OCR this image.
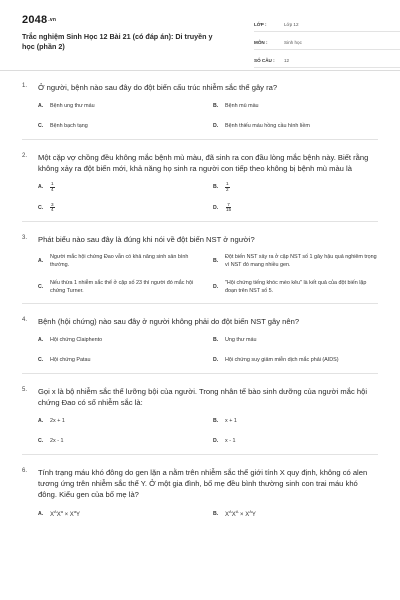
2048.vn
Trắc nghiệm Sinh Học 12 Bài 21 (có đáp án): Di truyền y học (phần 2)
LỚP :	Lớp 12
MÔN :	Sinh học
SỐ CÂU :	12
1.	Ở người, bệnh nào sau đây do đột biến cấu trúc nhiễm sắc thể gây ra?
A.	Bệnh ung thư máu	B.	Bệnh mù màu
C.	Bệnh bạch tạng	D.	Bệnh thiếu máu hồng cầu hình liềm
2.	Một cặp vợ chồng đều không mắc bệnh mù màu, đã sinh ra con đầu lòng mắc bệnh này. Biết rằng không xảy ra đột biến mới, khả năng họ sinh ra người con tiếp theo không bị bệnh mù màu là
A.	$\frac{1}{4}$	B.	$\frac{1}{2}$
C.	$\frac{3}{4}$	D.	$\frac{7}{15}$
3.	Phát biểu nào sau đây là đúng khi nói về đột biến NST ở người?
A.
Người mắc hội chứng Đao vẫn có khả năng sinh sản bình thường.
B.
Đột biến NST xảy ra ở cặp NST số 1 gây hậu quả nghiêm trọng vì NST đó mang nhiều gen.
C.
Nếu thừa 1 nhiễm sắc thể ở cặp số 23 thì người đó mắc hội chứng Turner.
D.
"Hội chứng tiếng khóc mèo kêu" là kết quả của đột biến lặp đoạn trên NST số 5.
4.	Bệnh (hội chứng) nào sau đây ở người không phải do đột biến NST gây nên?
A.	Hội chứng Claiphento	B.	Ung thư máu
C.	Hội chứng Patau	D.	Hội chứng suy giảm miễn dịch mắc phải (AIDS)
5.	Gọi x là bộ nhiễm sắc thể lưỡng bội của người. Trong nhân tế bào sinh dưỡng của người mắc hội chứng Đao có số nhiễm sắc là:
A.	2x + 1	B.	x + 1
C.	2x - 1	D.	x - 1
6.	Tính trạng máu khó đông do gen lặn a nằm trên nhiễm sắc thể giới tính X quy định, không có alen tương ứng trên nhiễm sắc thể Y. Ở một gia đình, bố mẹ đều bình thường sinh con trai máu khó đông. Kiểu gen của bố mẹ là?
A.	$X^AX^a \times X^aY$	B.	$X^AX^A \times X^AY$
